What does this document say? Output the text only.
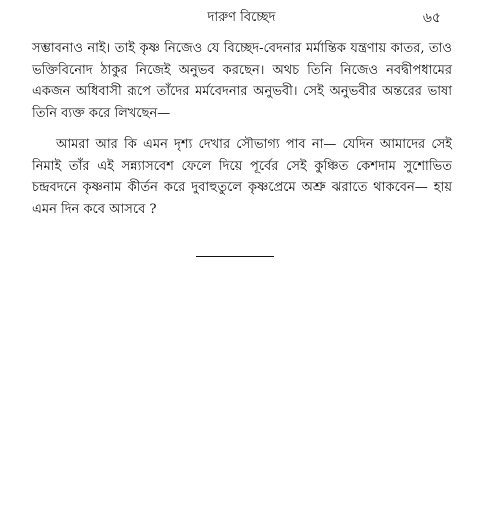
দারুণ বিচ্ছেদ	৬৫

সম্ভাবনাও নাই। তাই কৃষ্ণ নিজেও যে বিচ্ছেদ-বেদনার মর্মান্তিক যন্ত্রণায় কাতর, তাও ভক্তিবিনোদ ঠাকুর নিজেই অনুভব করছেন। অথচ তিনি নিজেও নবদ্বীপধামের একজন অধিবাসী রূপে তাঁদের মর্মবেদনার অনুভবী। সেই অনুভবীর অন্তরের ভাষা তিনি ব্যক্ত করে লিখছেন—

আমরা আর কি এমন দৃশ্য দেখার সৌভাগ্য পাব না— যেদিন আমাদের সেই নিমাই তাঁর এই সন্ন্যাসবেশ ফেলে দিয়ে পূর্বের সেই কুঞ্চিত কেশদাম সুশোভিত চন্দ্রবদনে কৃষ্ণনাম কীর্তন করে দুবাহুতুলে কৃষ্ণপ্রেমে অশ্রু ঝরাতে থাকবেন— হায় এমন দিন কবে আসবে ?
